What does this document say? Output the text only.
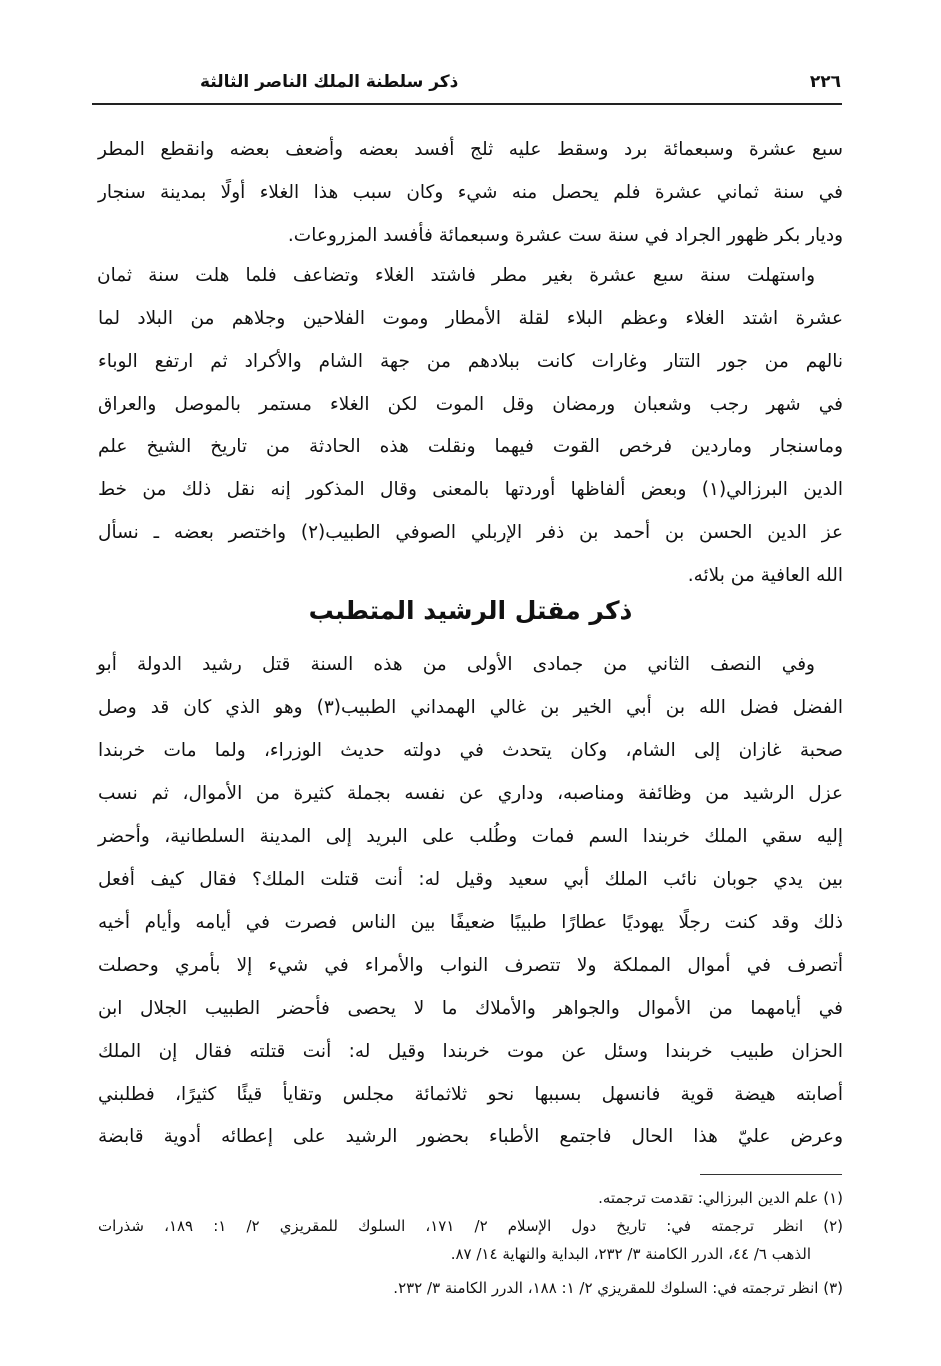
٢٢٦
ذكر سلطنة الملك الناصر الثالثة
سبع عشرة وسبعمائة برد وسقط عليه ثلج أفسد بعضه وأضعف بعضه وانقطع المطر
في سنة ثماني عشرة فلم يحصل منه شيء وكان سبب هذا الغلاء أولًا بمدينة سنجار
وديار بكر ظهور الجراد في سنة ست عشرة وسبعمائة فأفسد المزروعات.
واستهلت سنة سبع عشرة بغير مطر فاشتد الغلاء وتضاعف فلما هلت سنة ثمان
عشرة اشتد الغلاء وعظم البلاء لقلة الأمطار وموت الفلاحين وجلاهم من البلاد لما
نالهم من جور التتار وغارات كانت ببلادهم من جهة الشام والأكراد ثم ارتفع الوباء
في شهر رجب وشعبان ورمضان وقل الموت لكن الغلاء مستمر بالموصل والعراق
وماسنجار وماردين فرخص القوت فيهما ونقلت هذه الحادثة من تاريخ الشيخ علم
الدين البرزالي(١) وبعض ألفاظها أوردتها بالمعنى وقال المذكور إنه نقل ذلك من خط
عز الدين الحسن بن أحمد بن ذفر الإربلي الصوفي الطبيب(٢) واختصر بعضه ـ نسأل
الله العافية من بلائه.
وفي النصف الثاني من جمادى الأولى من هذه السنة قتل رشيد الدولة أبو
الفضل فضل الله بن أبي الخير بن غالي الهمداني الطبيب(٣) وهو الذي كان قد وصل
صحبة غازان إلى الشام، وكان يتحدث في دولته حديث الوزراء، ولما مات خربندا
عزل الرشيد من وظائفة ومناصبه، وداري عن نفسه بجملة كثيرة من الأموال، ثم نسب
إليه سقي الملك خربندا السم فمات وطُلب على البريد إلى المدينة السلطانية، وأحضر
بين يدي جوبان نائب الملك أبي سعيد وقيل له: أنت قتلت الملك؟ فقال كيف أفعل
ذلك وقد كنت رجلًا يهوديًا عطارًا طبيبًا ضعيفًا بين الناس فصرت في أيامه وأيام أخيه
أتصرف في أموال المملكة ولا تتصرف النواب والأمراء في شيء إلا بأمري وحصلت
في أيامهما من الأموال والجواهر والأملاك ما لا يحصى فأحضر الطبيب الجلال ابن
الحزان طبيب خربندا وسئل عن موت خربندا وقيل له: أنت قتلته فقال إن الملك
أصابته هيضة قوية فانسهل بسببها نحو ثلاثمائة مجلس وتقايأ قيئًا كثيرًا، فطلبني
وعرض عليّ هذا الحال فاجتمع الأطباء بحضور الرشيد على إعطائه أدوية قابضة
ذكر مقتل الرشيد المتطبب
(١) علم الدين البرزالي: تقدمت ترجمته.
(٢) انظر ترجمته في: تاريخ دول الإسلام ٢/ ١٧١، السلوك للمقريزي ٢/ ١: ١٨٩، شذرات
الذهب ٦/ ٤٤، الدرر الكامنة ٣/ ٢٣٢، البداية والنهاية ١٤/ ٨٧.
(٣) انظر ترجمته في: السلوك للمقريزي ٢/ ١: ١٨٨، الدرر الكامنة ٣/ ٢٣٢.
